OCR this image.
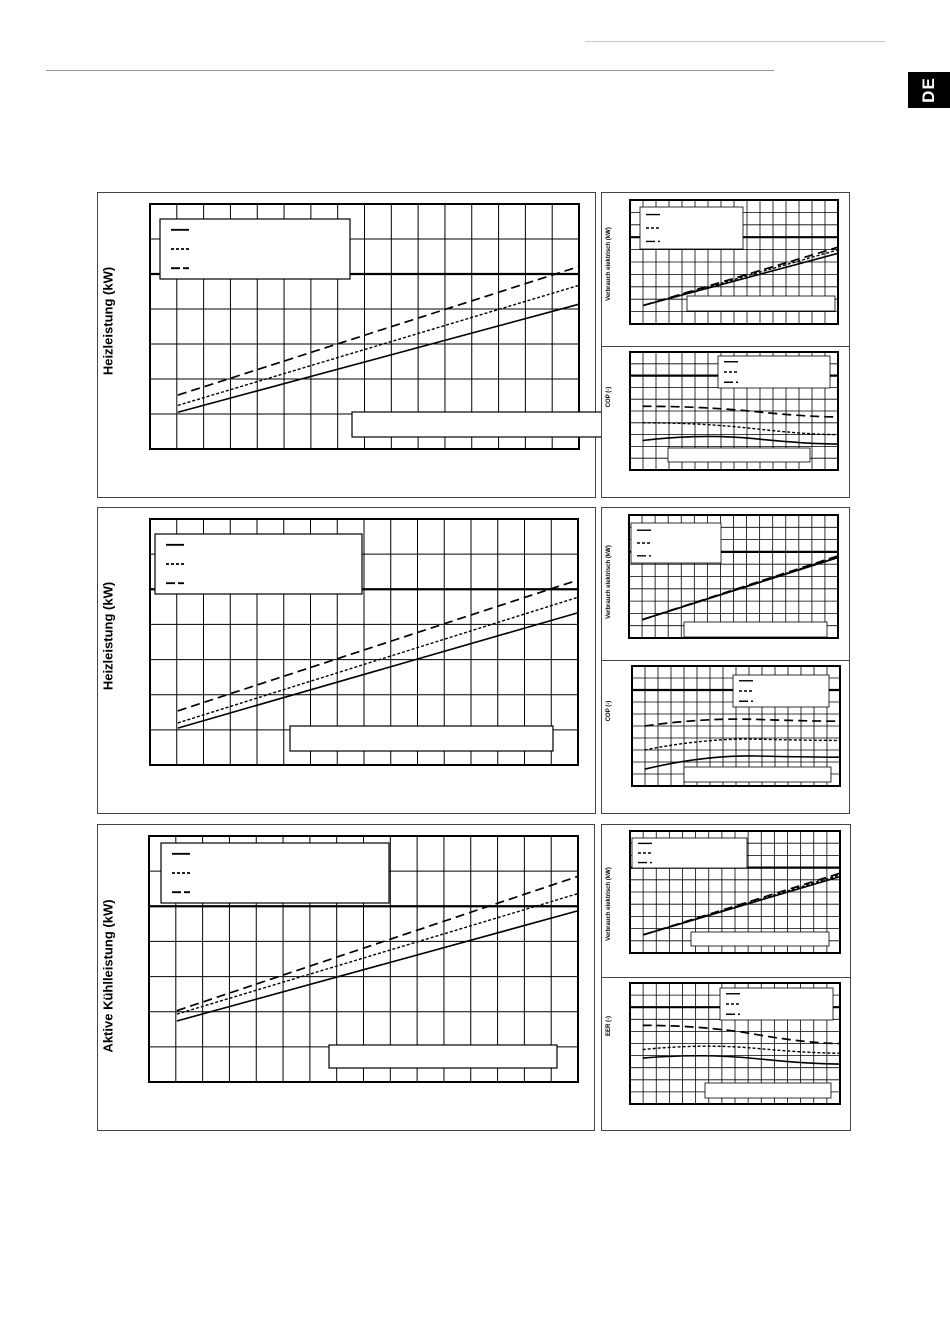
DE
Heizleistung (kW)
Verbrauch elektrisch (kW)
COP (-)
Heizleistung (kW)	Verbrauch elektrisch (kW)
COP (-)
Aktive Kühlleistung (kW)	Verbrauch elektrisch (kW)
EER (-)
